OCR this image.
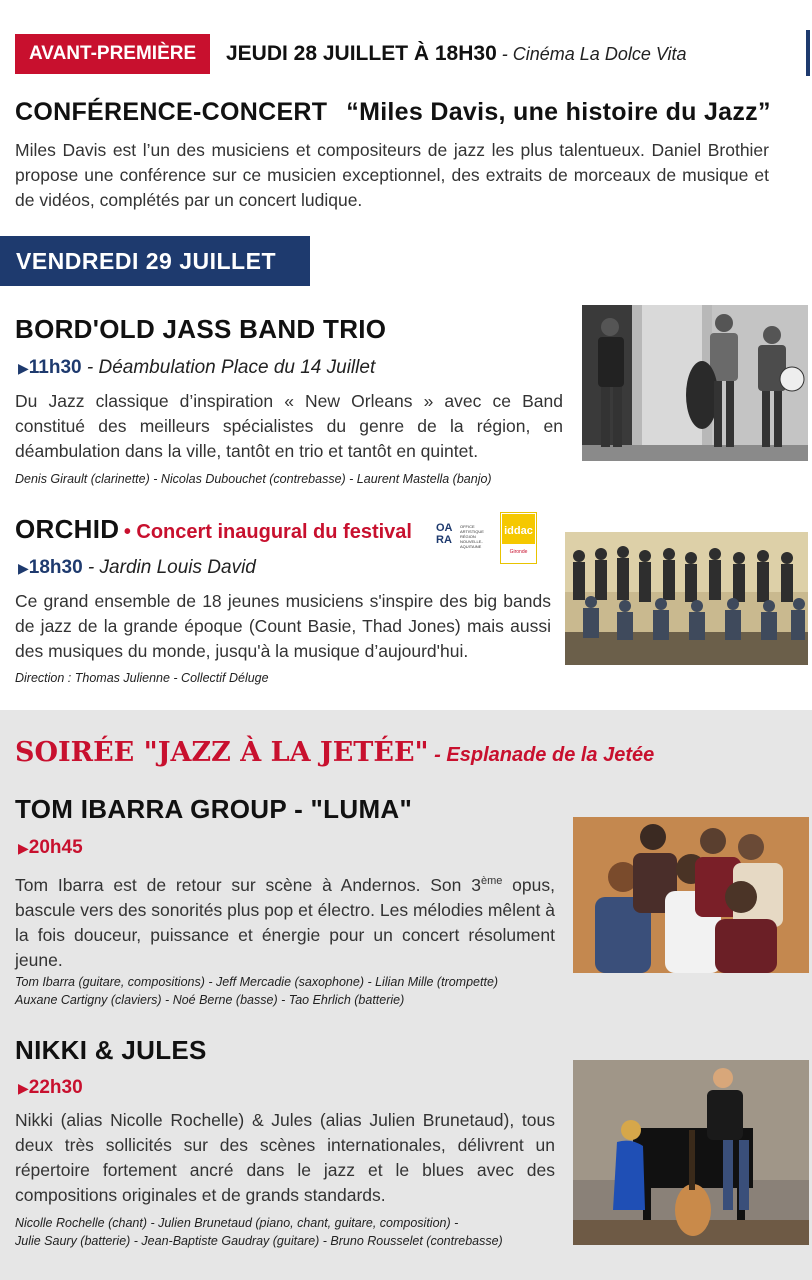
AVANT-PREMIÈRE	JEUDI 28 JUILLET À 18H30 - Cinéma La Dolce Vita
CONFÉRENCE-CONCERT “Miles Davis, une histoire du Jazz”
Miles Davis est l’un des musiciens et compositeurs de jazz les plus talentueux. Daniel Brothier propose une conférence sur ce musicien exceptionnel, des extraits de morceaux de musique et de vidéos, complétés par un concert ludique.
VENDREDI 29 JUILLET
BORD'OLD JASS BAND TRIO
▶11h30 - Déambulation Place du 14 Juillet
Du Jazz classique d’inspiration « New Orleans » avec ce Band constitué des meilleurs spécialistes du genre de la région, en déambulation dans la ville, tantôt en trio et tantôt en quintet.
Denis Girault (clarinette) - Nicolas Dubouchet (contrebasse) - Laurent Mastella (banjo)
ORCHID • Concert inaugural du festival OA
RA
OFFICE ARTISTIQUE RÉGION NOUVELLE-AQUITAINE
iddac
Gironde
▶18h30 - Jardin Louis David
Ce grand ensemble de 18 jeunes musiciens s'inspire des big bands de jazz de la grande époque (Count Basie, Thad Jones) mais aussi des musiques du monde, jusqu'à la musique d’aujourd'hui.
Direction : Thomas Julienne - Collectif Déluge
SOIRÉE "JAZZ À LA JETÉE" - Esplanade de la Jetée
TOM IBARRA GROUP - "LUMA"
▶20h45
Tom Ibarra est de retour sur scène à Andernos. Son 3ème opus, bascule vers des sonorités plus pop et électro. Les mélodies mêlent à la fois douceur, puissance et énergie pour un concert résolument jeune.
Tom Ibarra (guitare, compositions) - Jeff Mercadie (saxophone) - Lilian Mille (trompette)
Auxane Cartigny (claviers) - Noé Berne (basse) - Tao Ehrlich (batterie)
NIKKI & JULES
▶22h30
Nikki (alias Nicolle Rochelle) & Jules (alias Julien Brunetaud), tous deux très sollicités sur des scènes internationales, délivrent un répertoire fortement ancré dans le jazz et le blues avec des compositions originales et de grands standards.
Nicolle Rochelle (chant) - Julien Brunetaud (piano, chant, guitare, composition) -
Julie Saury (batterie) - Jean-Baptiste Gaudray (guitare) - Bruno Rousselet (contrebasse)
